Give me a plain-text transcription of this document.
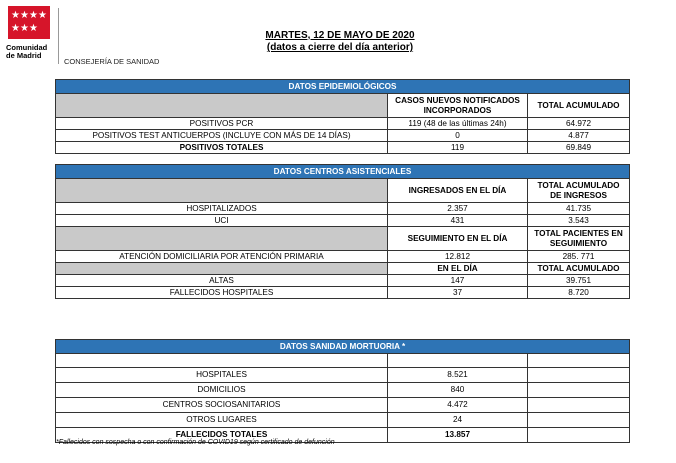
★ ★ ★ ★
★ ★ ★

Comunidad
de Madrid
CONSEJERÍA DE SANIDAD
MARTES, 12 DE MAYO DE 2020
(datos a cierre del día anterior)
DATOS EPIDEMIOLÓGICOS		
	CASOS NUEVOS NOTIFICADOS INCORPORADOS	TOTAL ACUMULADO
POSITIVOS PCR	119 (48 de las últimas 24h)	64.972
POSITIVOS TEST ANTICUERPOS (INCLUYE CON MÁS DE 14 DÍAS)	0	4.877
POSITIVOS TOTALES	119	69.849
DATOS CENTROS ASISTENCIALES		
	INGRESADOS EN EL DÍA	TOTAL ACUMULADO DE INGRESOS
HOSPITALIZADOS	2.357	41.735
UCI	431	3.543
	SEGUIMIENTO EN EL DÍA	TOTAL PACIENTES EN SEGUIMIENTO
ATENCIÓN DOMICILIARIA POR ATENCIÓN PRIMARIA	12.812	285. 771
	EN EL DÍA	TOTAL ACUMULADO
ALTAS	147	39.751
FALLECIDOS HOSPITALES	37	8.720
DATOS SANIDAD MORTUORIA *		

HOSPITALES	8.521	
DOMICILIOS	840	
CENTROS SOCIOSANITARIOS	4.472	
OTROS LUGARES	24	
FALLECIDOS TOTALES	13.857	
*Fallecidos con sospecha o con confirmación de COVID19 según certificado de defunción
